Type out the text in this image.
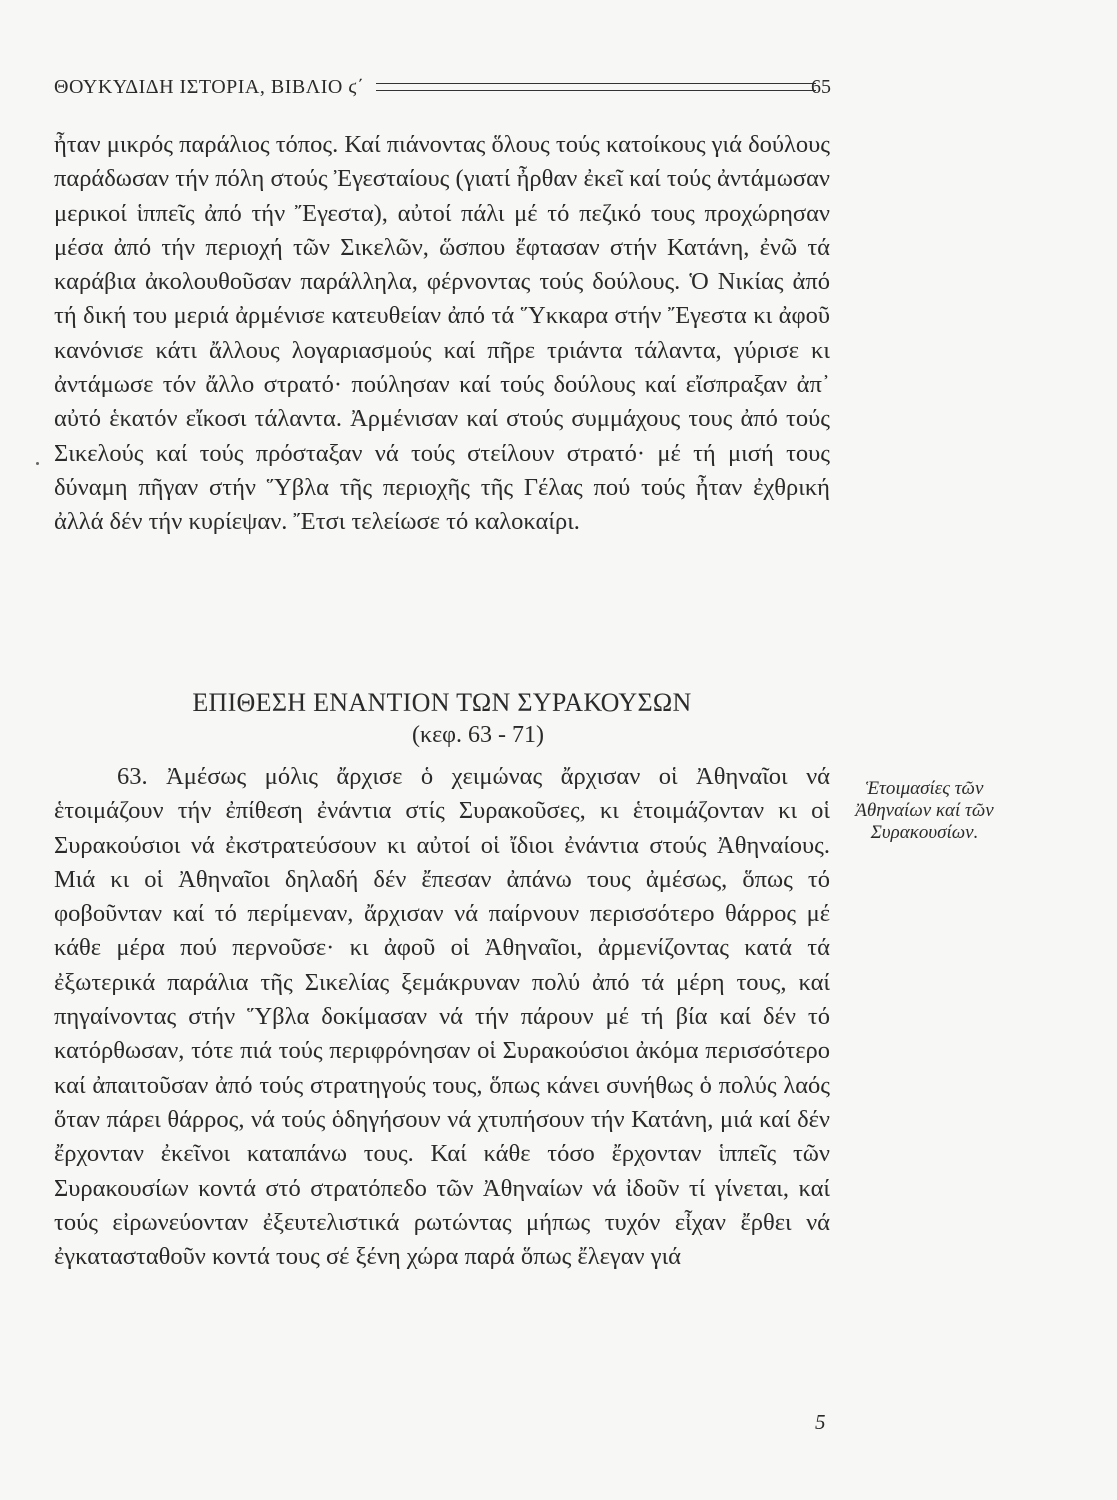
ΘΟΥΚΥΔΙΔΗ ΙΣΤΟΡΙΑ, ΒΙΒΛΙΟ ϛ΄	65
ἦταν μικρός παράλιος τόπος. Καί πιάνοντας ὅλους τούς κατοίκους γιά δούλους παράδωσαν τήν πόλη στούς Ἐγεσταίους (γιατί ἦρθαν ἐκεῖ καί τούς ἀντάμωσαν μερικοί ἱππεῖς ἀπό τήν Ἔγεστα), αὐτοί πάλι μέ τό πεζικό τους προχώρησαν μέσα ἀπό τήν περιοχή τῶν Σικελῶν, ὥσπου ἔφτασαν στήν Κατάνη, ἐνῶ τά καράβια ἀκολουθοῦσαν παράλληλα, φέρνοντας τούς δούλους. Ὁ Νικίας ἀπό τή δική του μεριά ἀρμένισε κατευθείαν ἀπό τά Ὕκκαρα στήν Ἔγεστα κι ἀφοῦ κανόνισε κάτι ἄλλους λογαριασμούς καί πῆρε τριάντα τάλαντα, γύρισε κι ἀντάμωσε τόν ἄλλο στρατό· πούλησαν καί τούς δούλους καί εἴσπραξαν ἀπ᾽ αὐτό ἑκατόν εἴκοσι τάλαντα. Ἀρμένισαν καί στούς συμμάχους τους ἀπό τούς Σικελούς καί τούς πρόσταξαν νά τούς στείλουν στρατό· μέ τή μισή τους δύναμη πῆγαν στήν Ὕβλα τῆς περιοχῆς τῆς Γέλας πού τούς ἦταν ἐχθρική ἀλλά δέν τήν κυρίεψαν. Ἔτσι τελείωσε τό καλοκαίρι.
ΕΠΙΘΕΣΗ ΕΝΑΝΤΙΟΝ ΤΩΝ ΣΥΡΑΚΟΥΣΩΝ
(κεφ. 63 - 71)
63. Ἀμέσως μόλις ἄρχισε ὁ χειμώνας ἄρχισαν οἱ Ἀθηναῖοι νά ἑτοιμάζουν τήν ἐπίθεση ἐνάντια στίς Συρακοῦσες, κι ἑτοιμάζονταν κι οἱ Συρακούσιοι νά ἐκστρατεύσουν κι αὐτοί οἱ ἴδιοι ἐνάντια στούς Ἀθηναίους. Μιά κι οἱ Ἀθηναῖοι δηλαδή δέν ἔπεσαν ἀπάνω τους ἀμέσως, ὅπως τό φοβοῦνταν καί τό περίμεναν, ἄρχισαν νά παίρνουν περισσότερο θάρρος μέ κάθε μέρα πού περνοῦσε· κι ἀφοῦ οἱ Ἀθηναῖοι, ἀρμενίζοντας κατά τά ἐξωτερικά παράλια τῆς Σικελίας ξεμάκρυναν πολύ ἀπό τά μέρη τους, καί πηγαίνοντας στήν Ὕβλα δοκίμασαν νά τήν πάρουν μέ τή βία καί δέν τό κατόρθωσαν, τότε πιά τούς περιφρόνησαν οἱ Συρακούσιοι ἀκόμα περισσότερο καί ἀπαιτοῦσαν ἀπό τούς στρατηγούς τους, ὅπως κάνει συνήθως ὁ πολύς λαός ὅταν πάρει θάρρος, νά τούς ὁδηγήσουν νά χτυπήσουν τήν Κατάνη, μιά καί δέν ἔρχονταν ἐκεῖνοι καταπάνω τους. Καί κάθε τόσο ἔρχονταν ἱππεῖς τῶν Συρακουσίων κοντά στό στρατόπεδο τῶν Ἀθηναίων νά ἰδοῦν τί γίνεται, καί τούς εἰρωνεύονταν ἐξευτελιστικά ρωτώντας μήπως τυχόν εἶχαν ἔρθει νά ἐγκατασταθοῦν κοντά τους σέ ξένη χώρα παρά ὅπως ἔλεγαν γιά
Ἑτοιμασίες τῶν Ἀθηναίων καί τῶν Συρακουσίων.
5
